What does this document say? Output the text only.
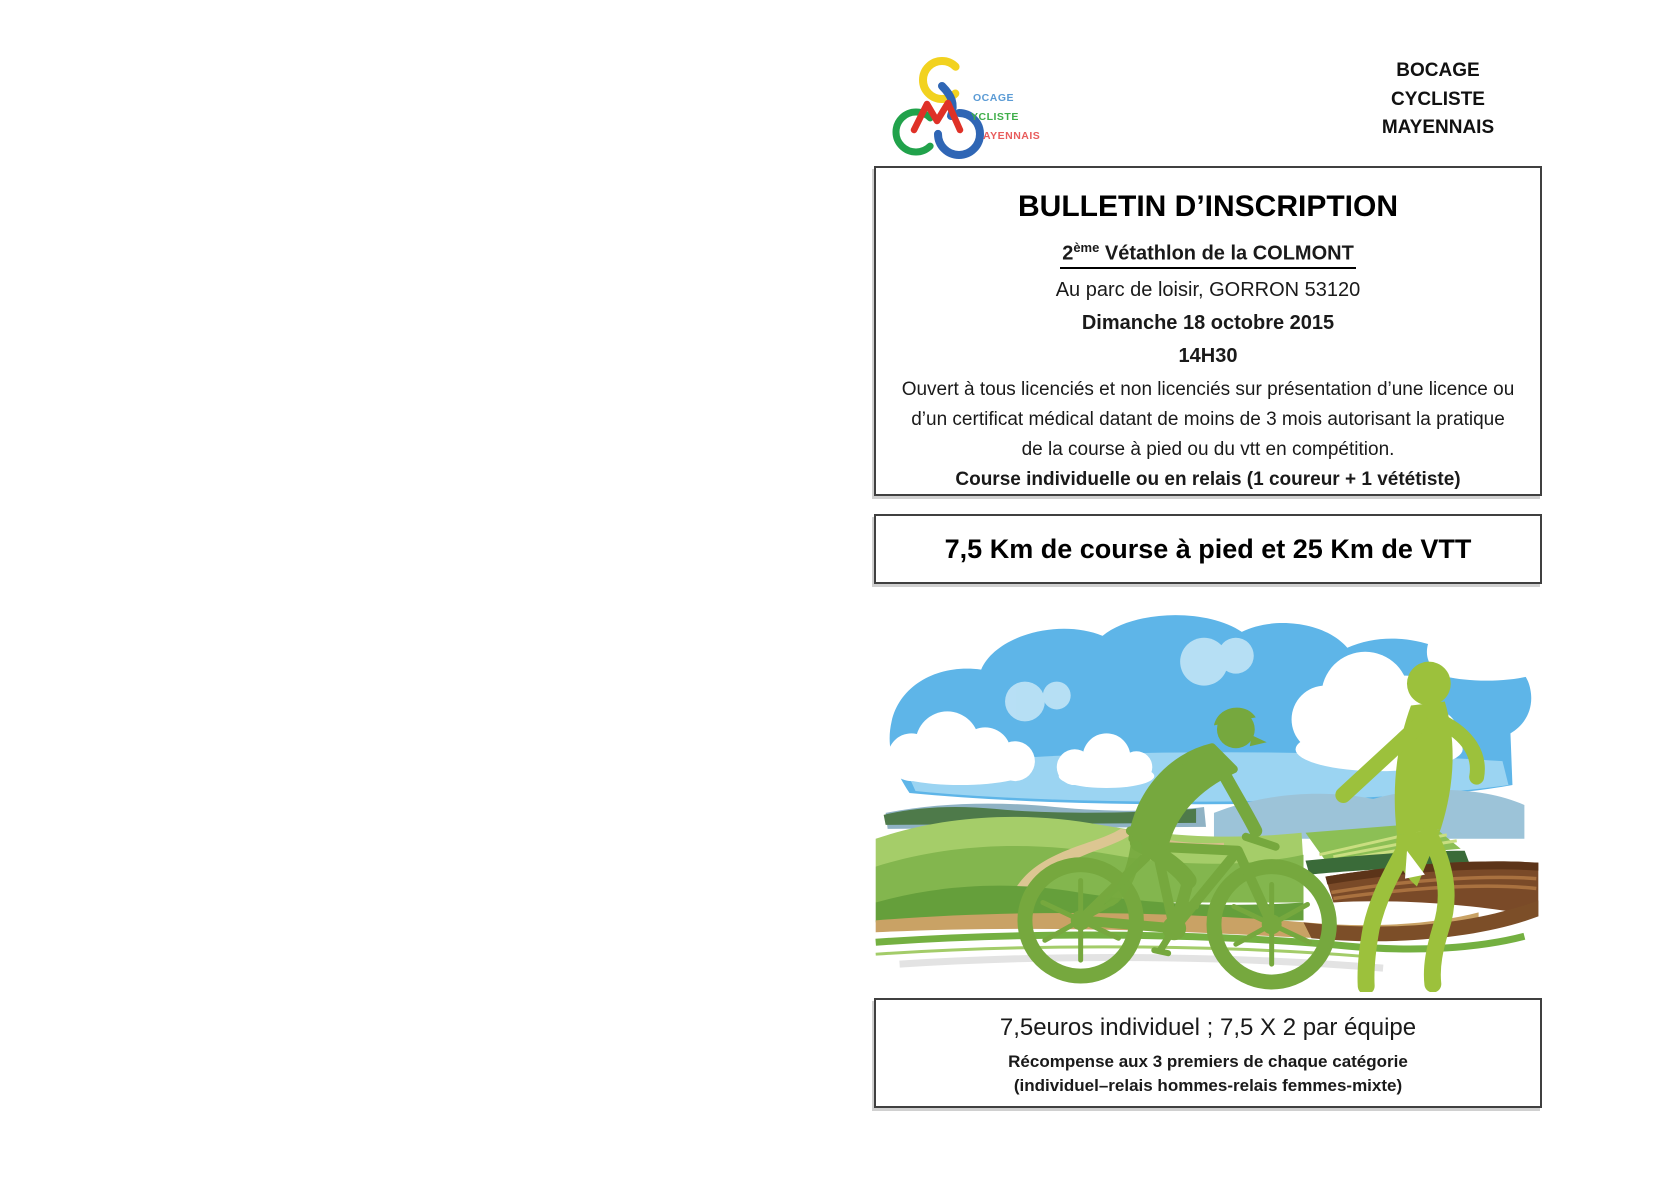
OCAGE
YCLISTE
AYENNAIS
BOCAGE
CYCLISTE
MAYENNAIS
BULLETIN D’INSCRIPTION
2ème Vétathlon de la COLMONT
Au parc de loisir, GORRON 53120
Dimanche 18 octobre 2015
14H30
Ouvert à tous licenciés et non licenciés sur présentation d’une licence ou
d’un certificat médical datant de moins de 3 mois autorisant la pratique
de la course à pied ou du vtt en compétition.
Course individuelle ou en relais (1 coureur + 1 vététiste)
7,5 Km de course à pied et 25 Km de VTT
7,5euros individuel ; 7,5 X 2 par équipe
Récompense aux 3 premiers de chaque catégorie
(individuel–relais hommes-relais femmes-mixte)
